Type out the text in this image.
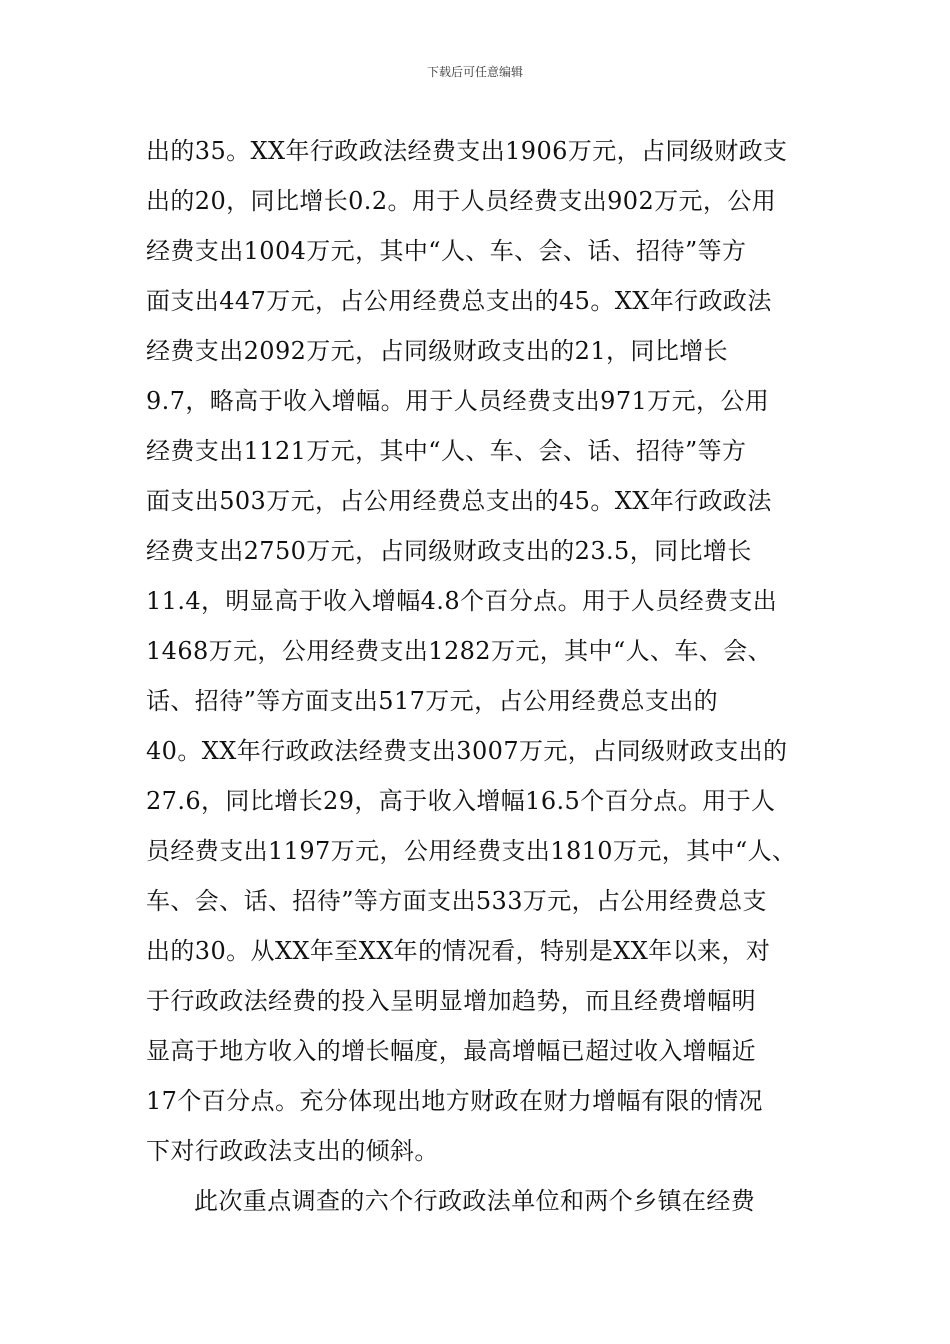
下载后可任意编辑
出的35。XX年行政政法经费支出1906万元，占同级财政支
出的20，同比增长0.2。用于人员经费支出902万元，公用
经费支出1004万元，其中“人、车、会、话、招待”等方
面支出447万元，占公用经费总支出的45。XX年行政政法
经费支出2092万元，占同级财政支出的21，同比增长
9.7，略高于收入增幅。用于人员经费支出971万元，公用
经费支出1121万元，其中“人、车、会、话、招待”等方
面支出503万元，占公用经费总支出的45。XX年行政政法
经费支出2750万元，占同级财政支出的23.5，同比增长
11.4，明显高于收入增幅4.8个百分点。用于人员经费支出
1468万元，公用经费支出1282万元，其中“人、车、会、
话、招待”等方面支出517万元，占公用经费总支出的
40。XX年行政政法经费支出3007万元，占同级财政支出的
27.6，同比增长29，高于收入增幅16.5个百分点。用于人
员经费支出1197万元，公用经费支出1810万元，其中“人、
车、会、话、招待”等方面支出533万元，占公用经费总支
出的30。从XX年至XX年的情况看，特别是XX年以来，对
于行政政法经费的投入呈明显增加趋势，而且经费增幅明
显高于地方收入的增长幅度，最高增幅已超过收入增幅近
17个百分点。充分体现出地方财政在财力增幅有限的情况
下对行政政法支出的倾斜。
此次重点调查的六个行政政法单位和两个乡镇在经费
